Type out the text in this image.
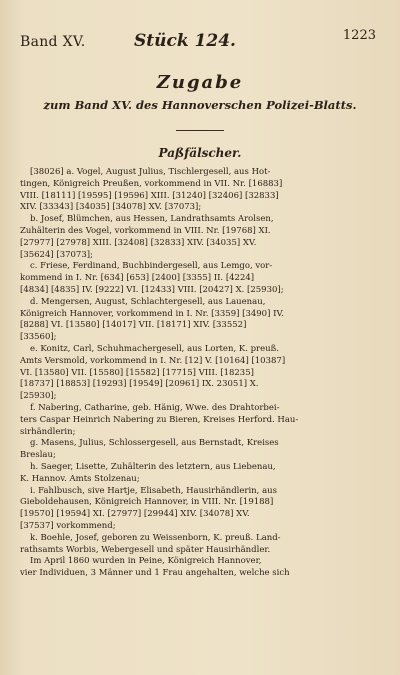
Band XV.	Stück 124.	1223
Zugabe
zum Band XV. des Hannoverschen Polizei-Blatts.
Paßfälscher.
[38026] a. Vogel, August Julius, Tischlergesell, aus Hot-
tingen, Königreich Preußen, vorkommend in VII. Nr. [16883]
VIII. [18111] [19595] [19596] XIII. [31240] [32406] [32833]
XIV. [33343] [34035] [34078] XV. [37073];
b. Josef, Blümchen, aus Hessen, Landrathsamts Arolsen,
Zuhälterin des Vogel, vorkommend in VIII. Nr. [19768] XI.
[27977] [27978] XIII. [32408] [32833] XIV. [34035] XV.
[35624] [37073];
c. Friese, Ferdinand, Buchbindergesell, aus Lemgo, vor-
kommend in I. Nr. [634] [653] [2400] [3355] II. [4224]
[4834] [4835] IV. [9222] VI. [12433] VIII. [20427] X. [25930];
d. Mengersen, August, Schlachtergesell, aus Lauenau,
Königreich Hannover, vorkommend in I. Nr. [3359] [3490] IV.
[8288] VI. [13580] [14017] VII. [18171] XIV. [33552]
[33560];
e. Konitz, Carl, Schuhmachergesell, aus Lorten, K. preuß.
Amts Versmold, vorkommend in I. Nr. [12] V. [10164] [10387]
VI. [13580] VII. [15580] [15582] [17715] VIII. [18235]
[18737] [18853] [19293] [19549] [20961] IX. 23051] X.
[25930];
f. Nabering, Catharine, geb. Hänig, Wwe. des Drahtorbei-
ters Caspar Heinrich Nabering zu Bieren, Kreises Herford. Hau-
sirhändlerin;
g. Masens, Julius, Schlossergesell, aus Bernstadt, Kreises
Breslau;
h. Saeger, Lisette, Zuhälterin des letztern, aus Liebenau,
K. Hannov. Amts Stolzenau;
i. Fahlbusch, sive Hartje, Elisabeth, Hausirhändlerin, aus
Gieboldehausen, Königreich Hannover, in VIII. Nr. [19188]
[19570] [19594] XI. [27977] [29944] XIV. [34078] XV.
[37537] vorkommend;
k. Boehle, Josef, geboren zu Weissenborn, K. preuß. Land-
rathsamts Worbis, Webergesell und später Hausirhändler.
Im April 1860 wurden in Peine, Königreich Hannover,
vier Individuen, 3 Männer und 1 Frau angehalten, welche sich
